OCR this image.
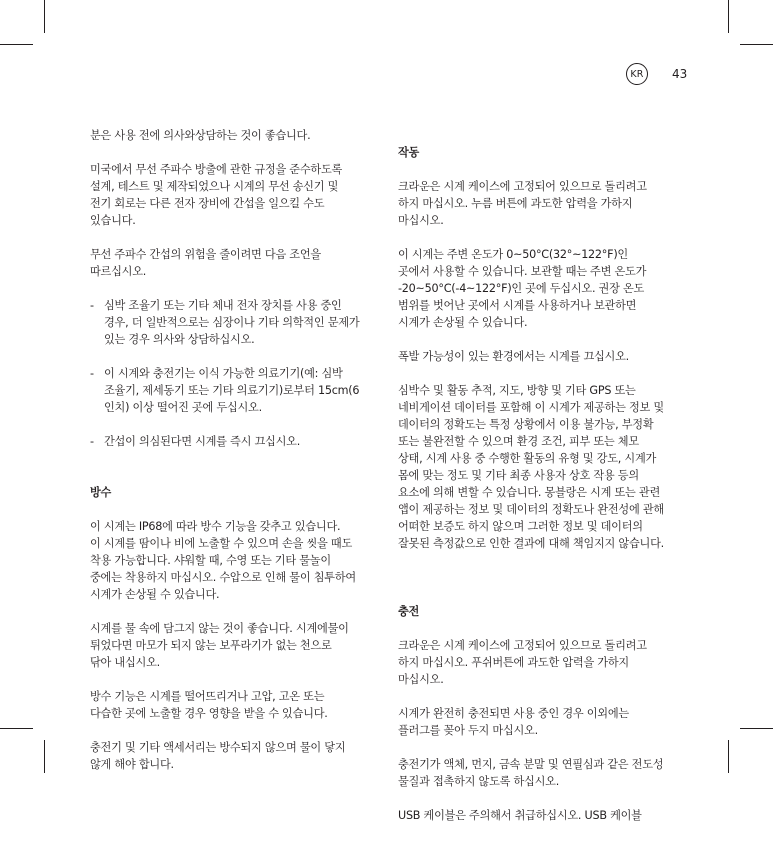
KR	43

분은 사용 전에 의사와상담하는 것이 좋습니다.

미국에서 무선 주파수 방출에 관한 규정을 준수하도록
설계, 테스트 및 제작되었으나 시계의 무선 송신기 및
전기 회로는 다른 전자 장비에 간섭을 일으킬 수도
있습니다.

무선 주파수 간섭의 위험을 줄이려면 다음 조언을
따르십시오.

- 심박 조율기 또는 기타 체내 전자 장치를 사용 중인
경우, 더 일반적으로는 심장이나 기타 의학적인 문제가
있는 경우 의사와 상담하십시오.
- 이 시계와 충전기는 이식 가능한 의료기기(예: 심박
조율기, 제세동기 또는 기타 의료기기)로부터 15cm(6
인치) 이상 떨어진 곳에 두십시오.
- 간섭이 의심된다면 시계를 즉시 끄십시오.

방수

이 시계는 IP68에 따라 방수 기능을 갖추고 있습니다.
이 시계를 땀이나 비에 노출할 수 있으며 손을 씻을 때도
착용 가능합니다. 샤워할 때, 수영 또는 기타 물놀이
중에는 착용하지 마십시오. 수압으로 인해 물이 침투하여
시계가 손상될 수 있습니다.

시계를 물 속에 담그지 않는 것이 좋습니다. 시계에물이
튀었다면 마모가 되지 않는 보푸라기가 없는 천으로
닦아 내십시오.

방수 기능은 시계를 떨어뜨리거나 고압, 고온 또는
다습한 곳에 노출할 경우 영향을 받을 수 있습니다.

충전기 및 기타 액세서리는 방수되지 않으며 물이 닿지
않게 해야 합니다.

작동

크라운은 시계 케이스에 고정되어 있으므로 돌리려고
하지 마십시오. 누름 버튼에 과도한 압력을 가하지
마십시오.

이 시계는 주변 온도가 0~50°C(32°~122°F)인
곳에서 사용할 수 있습니다. 보관할 때는 주변 온도가
-20~50°C(-4~122°F)인 곳에 두십시오. 권장 온도
범위를 벗어난 곳에서 시계를 사용하거나 보관하면
시계가 손상될 수 있습니다.

폭발 가능성이 있는 환경에서는 시계를 끄십시오.

심박수 및 활동 추적, 지도, 방향 및 기타 GPS 또는
네비게이션 데이터를 포함해 이 시계가 제공하는 정보 및
데이터의 정확도는 특정 상황에서 이용 불가능, 부정확
또는 불완전할 수 있으며 환경 조건, 피부 또는 체모
상태, 시계 사용 중 수행한 활동의 유형 및 강도, 시계가
몸에 맞는 정도 및 기타 최종 사용자 상호 작용 등의
요소에 의해 변할 수 있습니다. 몽블랑은 시계 또는 관련
앱이 제공하는 정보 및 데이터의 정확도나 완전성에 관해
어떠한 보증도 하지 않으며 그러한 정보 및 데이터의
잘못된 측정값으로 인한 결과에 대해 책임지지 않습니다.

충전

크라운은 시계 케이스에 고정되어 있으므로 돌리려고
하지 마십시오. 푸쉬버튼에 과도한 압력을 가하지
마십시오.

시계가 완전히 충전되면 사용 중인 경우 이외에는
플러그를 꽂아 두지 마십시오.

충전기가 액체, 먼지, 금속 분말 및 연필심과 같은 전도성
물질과 접촉하지 않도록 하십시오.

USB 케이블은 주의해서 취급하십시오. USB 케이블
